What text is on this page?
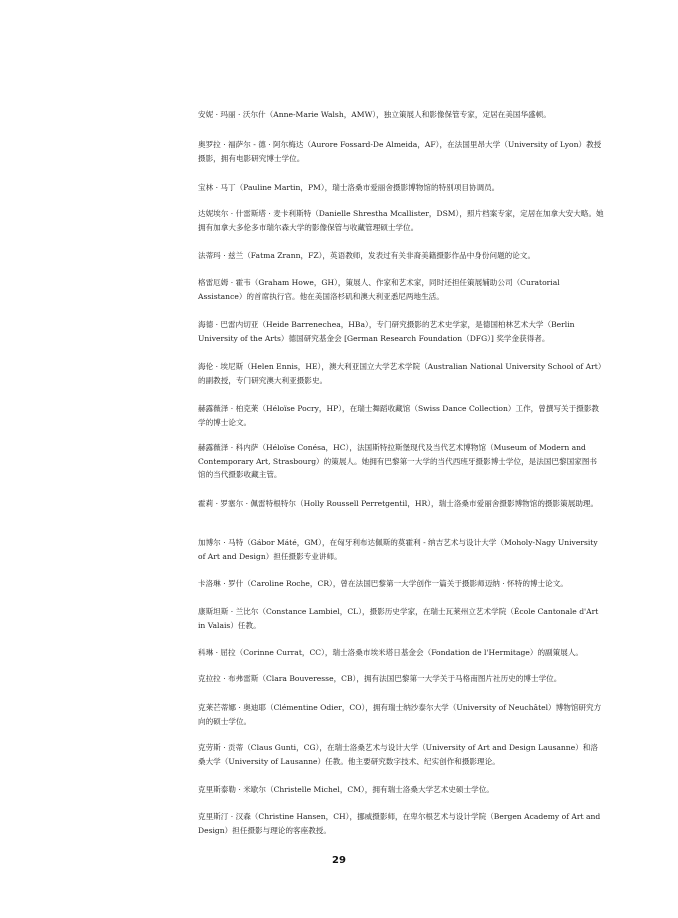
安妮 · 玛丽 · 沃尔什（Anne-Marie Walsh，AMW），独立策展人和影像保管专家，定居在美国华盛顿。

奥罗拉 · 福萨尔 - 德 · 阿尔梅达（Aurore Fossard-De Almeida，AF），在法国里昂大学（University of Lyon）教授摄影，拥有电影研究博士学位。

宝林 · 马丁（Pauline Martin，PM），瑞士洛桑市爱丽舍摄影博物馆的特别项目协调员。

达妮埃尔 · 什雷斯塔 · 麦卡利斯特（Danielle Shrestha Mcallister，DSM），照片档案专家，定居在加拿大安大略。她拥有加拿大多伦多市瑞尔森大学的影像保管与收藏管理硕士学位。

法蒂玛 · 兹兰（Fatma Zrann，FZ），英语教师，发表过有关非裔美籍摄影作品中身份问题的论文。

格雷厄姆 · 霍韦（Graham Howe，GH），策展人、作家和艺术家，同时还担任策展辅助公司（Curatorial Assistance）的首席执行官。他在美国洛杉矶和澳大利亚悉尼两地生活。

海德 · 巴雷内切亚（Heide Barrenechea，HBa），专门研究摄影的艺术史学家，是德国柏林艺术大学（Berlin University of the Arts）德国研究基金会 [German Research Foundation（DFG）] 奖学金获得者。

海伦 · 埃尼斯（Helen Ennis，HE），澳大利亚国立大学艺术学院（Australian National University School of Art）的副教授，专门研究澳大利亚摄影史。

赫露薇泽 · 柏克莱（Héloïse Pocry，HP），在瑞士舞蹈收藏馆（Swiss Dance Collection）工作，曾撰写关于摄影教学的博士论文。

赫露薇泽 · 科内萨（Héloïse Conésa，HC），法国斯特拉斯堡现代及当代艺术博物馆（Museum of Modern and Contemporary Art, Strasbourg）的策展人。她拥有巴黎第一大学的当代西班牙摄影博士学位，是法国巴黎国家图书馆的当代摄影收藏主管。

霍莉 · 罗塞尔 · 佩雷特根特尔（Holly Roussell Perretgentil，HR），瑞士洛桑市爱丽舍摄影博物馆的摄影策展助理。

加博尔 · 马特（Gábor Máté，GM），在匈牙利布达佩斯的莫霍利 - 纳吉艺术与设计大学（Moholy-Nagy University of Art and Design）担任摄影专业讲师。

卡洛琳 · 罗什（Caroline Roche，CR），曾在法国巴黎第一大学创作一篇关于摄影师迈纳 · 怀特的博士论文。

康斯坦斯 · 兰比尔（Constance Lambiel，CL），摄影历史学家，在瑞士瓦莱州立艺术学院（École Cantonale d'Art in Valais）任教。

科琳 · 屈拉（Corinne Currat，CC），瑞士洛桑市埃米塔日基金会（Fondation de l'Hermitage）的副策展人。

克拉拉 · 布弗雷斯（Clara Bouveresse，CB），拥有法国巴黎第一大学关于马格南图片社历史的博士学位。

克莱芒蒂娜 · 奥迪耶（Clémentine Odier，CO），拥有瑞士纳沙泰尔大学（University of Neuchâtel）博物馆研究方向的硕士学位。

克劳斯 · 贡蒂（Claus Gunti，CG），在瑞士洛桑艺术与设计大学（University of Art and Design Lausanne）和洛桑大学（University of Lausanne）任教。他主要研究数字技术、纪实创作和摄影理论。

克里斯泰勒 · 米歇尔（Christelle Michel，CM），拥有瑞士洛桑大学艺术史硕士学位。

克里斯汀 · 汉森（Christine Hansen，CH），挪威摄影师，在卑尔根艺术与设计学院（Bergen Academy of Art and Design）担任摄影与理论的客座教授。

29
